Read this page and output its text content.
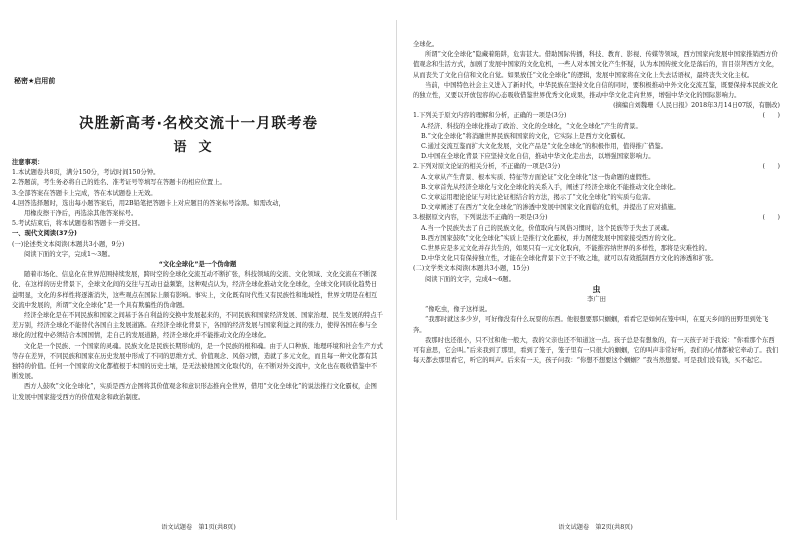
秘密★启用前
决胜新高考·名校交流十一月联考卷
语文

注意事项：

1.本试题卷共8页，满分150分，考试时间150分钟。

2.答题前，考生务必将自己的姓名、准考证号等填写在答题卡的相应位置上。

3.全部答案在答题卡上完成，答在本试题卷上无效。

4.回答选择题时，选出每小题答案后，用2B铅笔把答题卡上对应题目的答案标号涂黑。如需改动，

用橡皮擦干净后，再选涂其他答案标号。

5.考试结束后，将本试题卷和答题卡一并交回。

一、现代文阅读(37分)

(一)论述类文本阅读(本题共3小题，9分)

阅读下面的文字，完成1～3题。

“文化全球化”是一个伪命题

随着市场化、信息化在世界范围持续发展，跨时空的全球化交流互动不断扩张，科技领域的交流、文化领域、文化交流在不断深化、在这样的历史背景下，全球文化间的交往与互动日益频繁，这种观点认为，经济全球化推动文化全球化，全球文化同质化趋势日益明显，文化的多样性将逐渐消失，这些观点在国际上颇有影响。事实上，文化既有时代性又有民族性和地域性，世界文明是在相互交流中发展的，所谓“文化全球化”是一个具有欺骗性的伪命题。

经济全球化是在不同民族和国家之间基于各自利益的交换中发展起来的，不同民族和国家经济发展、国家治理、民生发展的特点千差万别，经济全球化不能替代各国自主发展道路。在经济全球化背景下，各国的经济发展与国家利益之间的张力，使得各国在参与全球化的过程中必须结合本国国情，走自己的发展道路，经济全球化并不能推动文化的全球化。

文化是一个民族、一个国家的灵魂。民族文化是民族长期形成的，是一个民族的根和魂。由于人口种族、地理环境和社会生产方式等存在差异，不同民族和国家在历史发展中形成了不同的思维方式、价值观念、风俗习惯，造就了多元文化，而且每一种文化都有其独特的价值。任何一个国家的文化都植根于本国的历史土壤，是无法被他国文化取代的，在不断对外交流中，文化也在吸收借鉴中不断发展。

西方人鼓吹“文化全球化”，实质是西方企图将其价值观念和意识形态推向全世界，借用“文化全球化”的说法推行文化霸权，企图让发展中国家接受西方的价值观念和政治制度。

语文试题卷　第1页(共8页)

全球化。

所谓“文化全球化”隐藏着陷阱，危害甚大。借助国际传播，科技、教育、影视、传媒等领域，西方国家向发展中国家推销西方价值观念和生活方式，加剧了发展中国家的文化危机，一些人对本国文化产生怀疑，认为本国传统文化是落后的，盲目崇拜西方文化，从而丧失了文化自信和文化自觉。如果放任“文化全球化”的逻辑，发展中国家将在文化上失去话语权，最终丧失文化主权。

当前，中国特色社会主义进入了新时代，中华民族在坚持文化自信的同时，要积极推动中外文化交流互鉴，既要保持本民族文化的独立性，又要以开放包容的心态吸收借鉴世界优秀文化成果，推动中华文化走向世界，增强中华文化的国际影响力。

(摘编自刘魏珊《人民日报》2018年3月14日07版，有删改)

1.下列关于原文内容的理解和分析，正确的一项是(3分)	(　　)

A.经济、科技的全球化推动了政治、文化的全球化，“文化全球化”产生的背景。

B.“文化全球化”将消融世界民族和国家的文化，它实际上是西方文化霸权。

C.通过交流互鉴而扩大文化发展，文化产品是“文化全球化”的积极作用，值得推广借鉴。

D.中国在全球化背景下应坚持文化自信，推动中华文化走出去，以增强国家影响力。

2.下列对原文论证的相关分析，不正确的一项是(3分)	(　　)

A.文章从产生背景、根本实质、特征等方面论证“文化全球化”这一伪命题的虚假性。

B.文章首先从经济全球化与文化全球化的关系入手，阐述了经济全球化不能推动文化全球化。

C.文章运用理论论证与对比论证相结合的方法，揭示了“文化全球化”的实质与危害。

D.文章阐述了在西方“文化全球化”的渗透中发展中国家文化面临的危机，并提出了应对措施。

3.根据原文内容，下列说法不正确的一项是(3分)	(　　)

A.当一个民族失去了自己的民族文化，价值取向与风俗习惯时，这个民族等于失去了灵魂。

B.西方国家鼓吹“文化全球化”实质上是推行文化霸权，并力图使发展中国家接受西方的文化。

C.世界应是多元文化并存共生的，如果只有一元文化取向，不能推容纳世界的多样性，那将是灾难性的。

D.中华文化只有保持独立性，才能在全球化背景下立于不败之地，就可以有效抵制西方文化的渗透和扩张。

(二)文学类文本阅读(本题共3小题，15分)

阅读下面的文字，完成4～6题。

虫

李广田

“像吃虫，像子这样说。

“我那时就这多少岁，可好像没有什么玩耍的东西。他很想要那只蝈蝈，看看它是如何在笼中叫，在夏天乡间的田野里到处飞奔。

我那时也还很小，只不过和他一般大，我的父亲也还不知道这一点。孩子总是有想象的，有一天孩子对于我说：“你看那个东西可有意思，它会叫。”后来我到了那里，看到了笼子，笼子里有一只很大的蝈蝈，它的叫声非常好听，我们的心情都被它牵动了。我们每天都去那里看它，听它的叫声。后来有一天，孩子问我：“你想不想要这个蝈蝈？”我当然想要。可是我们没有钱，买不起它。

语文试题卷　第2页(共8页)
